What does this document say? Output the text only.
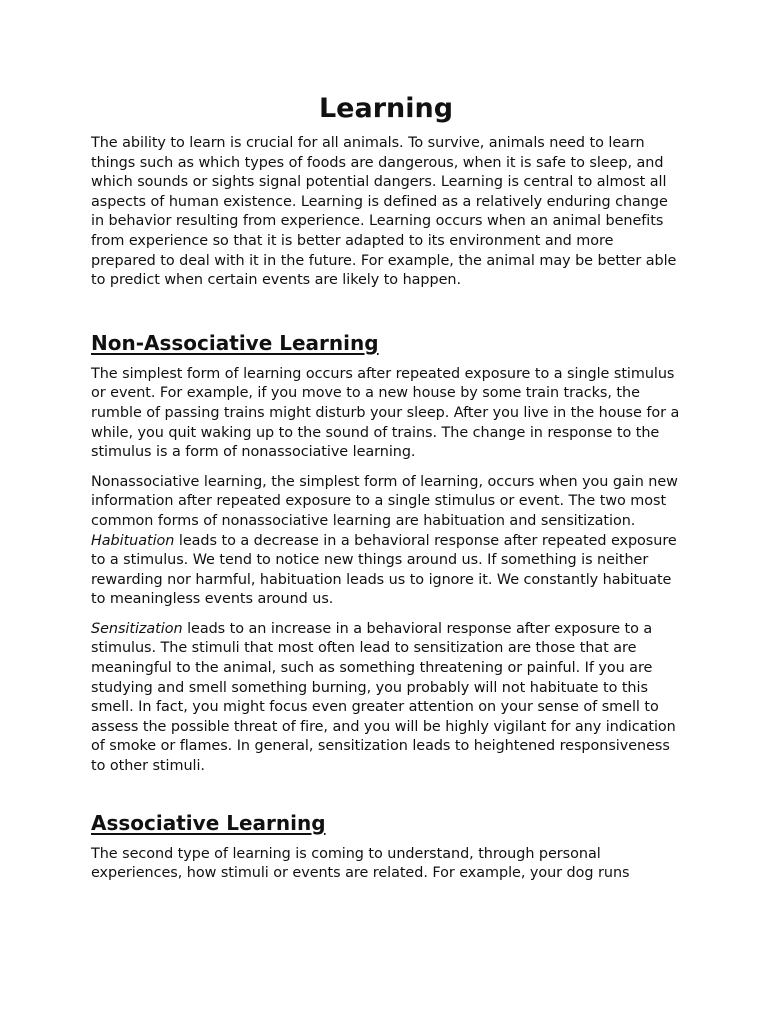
Learning

The ability to learn is crucial for all animals. To survive, animals need to learn things such as which types of foods are dangerous, when it is safe to sleep, and which sounds or sights signal potential dangers. Learning is central to almost all aspects of human existence. Learning is defined as a relatively enduring change in behavior resulting from experience. Learning occurs when an animal benefits from experience so that it is better adapted to its environment and more prepared to deal with it in the future. For example, the animal may be better able to predict when certain events are likely to happen.

Non-Associative Learning

The simplest form of learning occurs after repeated exposure to a single stimulus or event. For example, if you move to a new house by some train tracks, the rumble of passing trains might disturb your sleep. After you live in the house for a while, you quit waking up to the sound of trains. The change in response to the stimulus is a form of nonassociative learning.

Nonassociative learning, the simplest form of learning, occurs when you gain new information after repeated exposure to a single stimulus or event. The two most common forms of nonassociative learning are habituation and sensitization. Habituation leads to a decrease in a behavioral response after repeated exposure to a stimulus. We tend to notice new things around us. If something is neither rewarding nor harmful, habituation leads us to ignore it. We constantly habituate to meaningless events around us.

Sensitization leads to an increase in a behavioral response after exposure to a stimulus. The stimuli that most often lead to sensitization are those that are meaningful to the animal, such as something threatening or painful. If you are studying and smell something burning, you probably will not habituate to this smell. In fact, you might focus even greater attention on your sense of smell to assess the possible threat of fire, and you will be highly vigilant for any indication of smoke or flames. In general, sensitization leads to heightened responsiveness to other stimuli.

Associative Learning

The second type of learning is coming to understand, through personal experiences, how stimuli or events are related. For example, your dog runs
